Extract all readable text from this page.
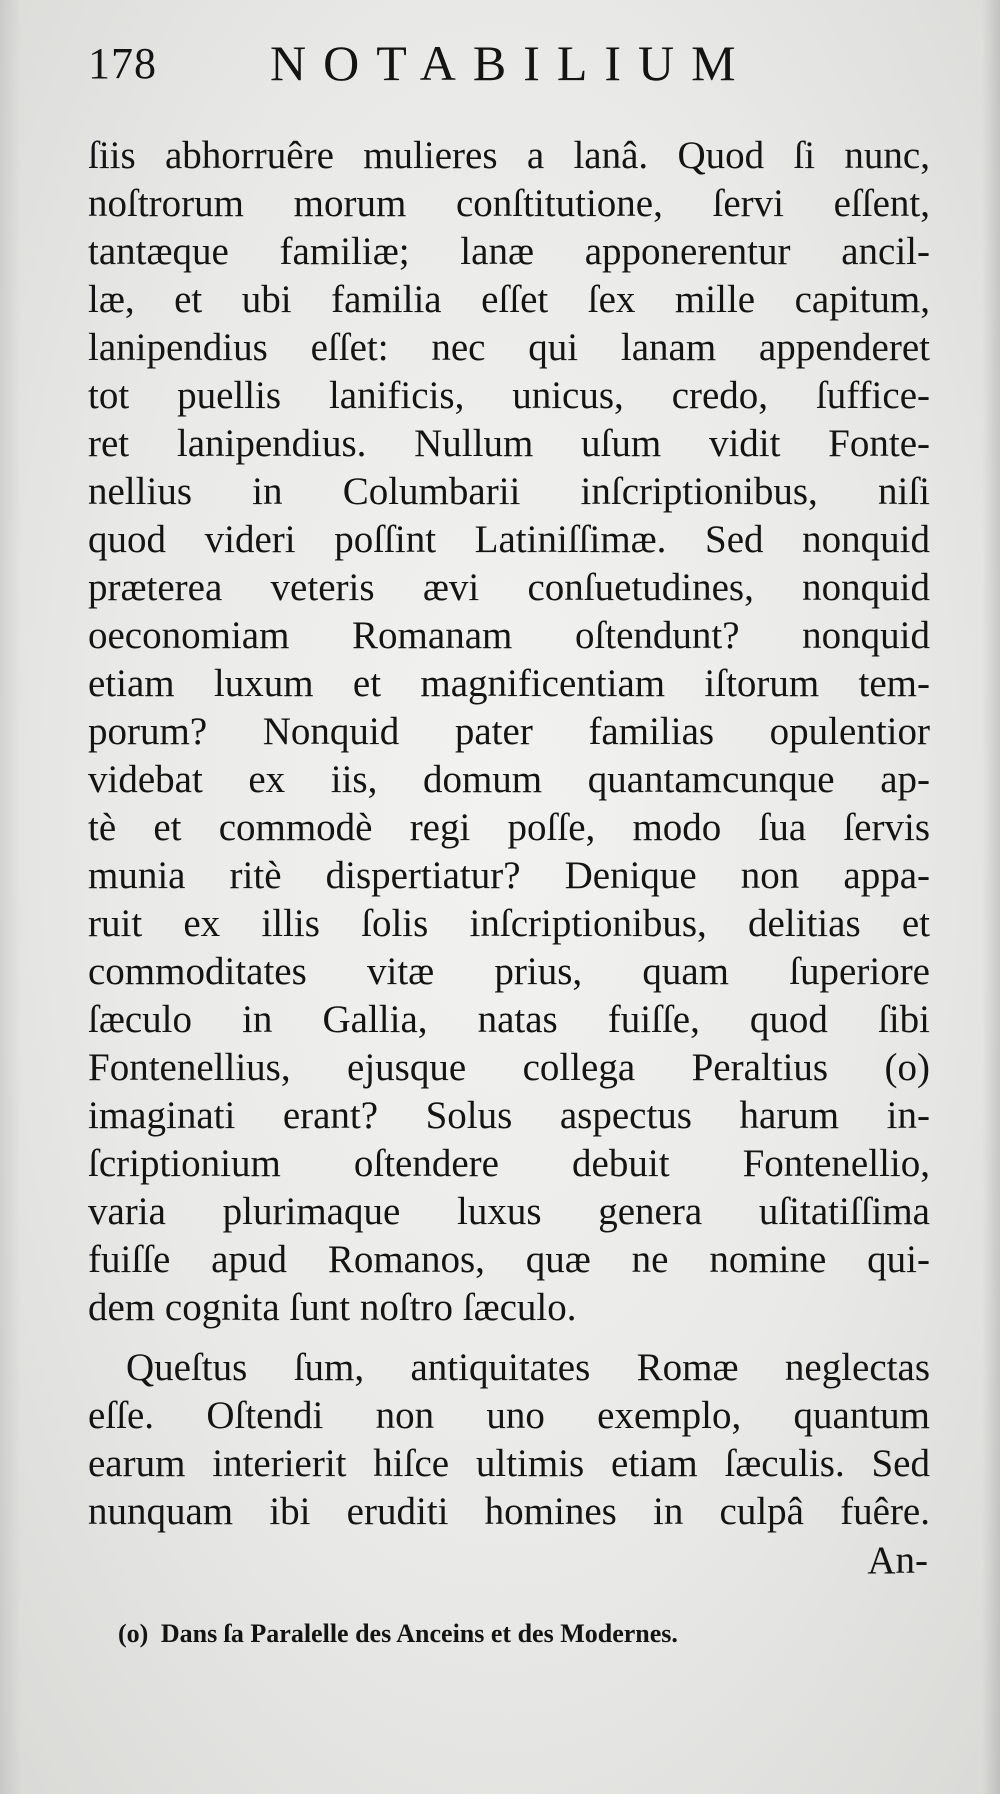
178 NOTABILIUM
ſiis abhorruêre mulieres a lanâ. Quod ſi nunc,
noſtrorum morum conſtitutione, ſervi eſſent,
tantæque familiæ; lanæ apponerentur ancil-
læ, et ubi familia eſſet ſex mille capitum,
lanipendius eſſet: nec qui lanam appenderet
tot puellis lanificis, unicus, credo, ſuffice-
ret lanipendius. Nullum uſum vidit Fonte-
nellius in Columbarii inſcriptionibus, niſi
quod videri poſſint Latiniſſimæ. Sed nonquid
præterea veteris ævi conſuetudines, nonquid
oeconomiam Romanam oſtendunt? nonquid
etiam luxum et magnificentiam iſtorum tem-
porum? Nonquid pater familias opulentior
videbat ex iis, domum quantamcunque ap-
tè et commodè regi poſſe, modo ſua ſervis
munia ritè dispertiatur? Denique non appa-
ruit ex illis ſolis inſcriptionibus, delitias et
commoditates vitæ prius, quam ſuperiore
ſæculo in Gallia, natas fuiſſe, quod ſibi
Fontenellius, ejusque collega Peraltius (o)
imaginati erant? Solus aspectus harum in-
ſcriptionium oſtendere debuit Fontenellio,
varia plurimaque luxus genera uſitatiſſima
fuiſſe apud Romanos, quæ ne nomine qui-
dem cognita ſunt noſtro ſæculo.
Queſtus ſum, antiquitates Romæ neglectas
eſſe. Oſtendi non uno exemplo, quantum
earum interierit hiſce ultimis etiam ſæculis. Sed
nunquam ibi eruditi homines in culpâ fuêre.
An-
(o) Dans ſa Paralelle des Anceins et des Modernes.
